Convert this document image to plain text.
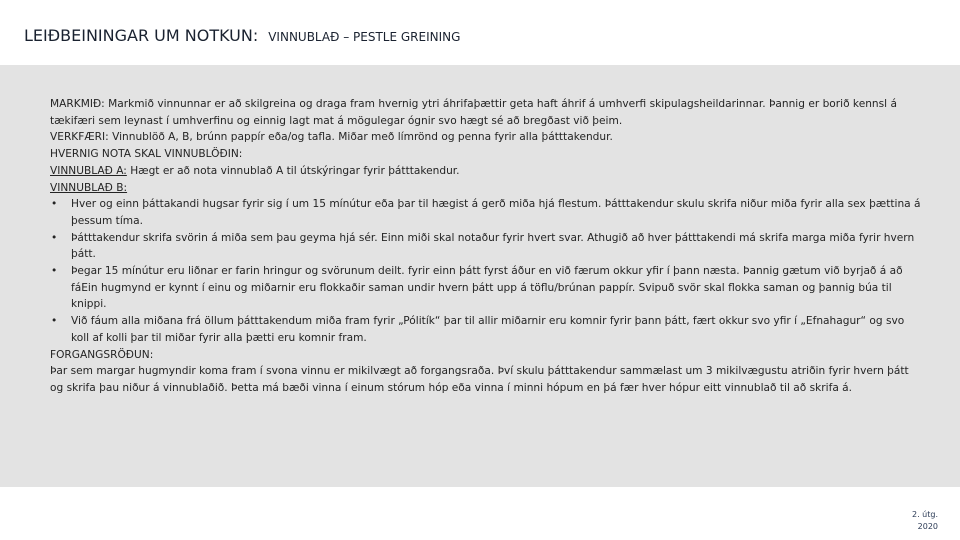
LEIÐBEININGAR UM NOTKUN: VINNUBLAÐ – PESTLE GREINING

MARKMIÐ: Markmið vinnunnar er að skilgreina og draga fram hvernig ytri áhrifaþættir geta haft áhrif á umhverfi skipulagsheildarinnar. Þannig er borið kennsl á tækifæri sem leynast í umhverfinu og einnig lagt mat á mögulegar ógnir svo hægt sé að bregðast við þeim.

VERKFÆRI: Vinnublöð A, B, brúnn pappír eða/og tafla. Miðar með límrönd og penna fyrir alla þátttakendur.

HVERNIG NOTA SKAL VINNUBLÖÐIN:

VINNUBLAÐ A: Hægt er að nota vinnublað A til útskýringar fyrir þátttakendur.

VINNUBLAÐ B:

• Hver og einn þáttakandi hugsar fyrir sig í um 15 mínútur eða þar til hægist á gerð miða hjá flestum. Þátttakendur skulu skrifa niður miða fyrir alla sex þættina á þessum tíma.
• Þátttakendur skrifa svörin á miða sem þau geyma hjá sér. Einn miði skal notaður fyrir hvert svar. Athugið að hver þátttakendi má skrifa marga miða fyrir hvern þátt.
• Þegar 15 mínútur eru liðnar er farin hringur og svörunum deilt. fyrir einn þátt fyrst áður en við færum okkur yfir í þann næsta. Þannig gætum við byrjað á að fáEin hugmynd er kynnt í einu og miðarnir eru flokkaðir saman undir hvern þátt upp á töflu/brúnan pappír. Svipuð svör skal flokka saman og þannig búa til knippi.
• Við fáum alla miðana frá öllum þátttakendum miða fram fyrir „Pólitík“ þar til allir miðarnir eru komnir fyrir þann þátt, fært okkur svo yfir í „Efnahagur“ og svo koll af kolli þar til miðar fyrir alla þætti eru komnir fram.

FORGANGSRÖÐUN:

Þar sem margar hugmyndir koma fram í svona vinnu er mikilvægt að forgangsraða. Því skulu þátttakendur sammælast um 3 mikilvægustu atriðin fyrir hvern þátt og skrifa þau niður á vinnublaðið. Þetta má bæði vinna í einum stórum hóp eða vinna í minni hópum en þá fær hver hópur eitt vinnublað til að skrifa á.

2. útg.
2020
